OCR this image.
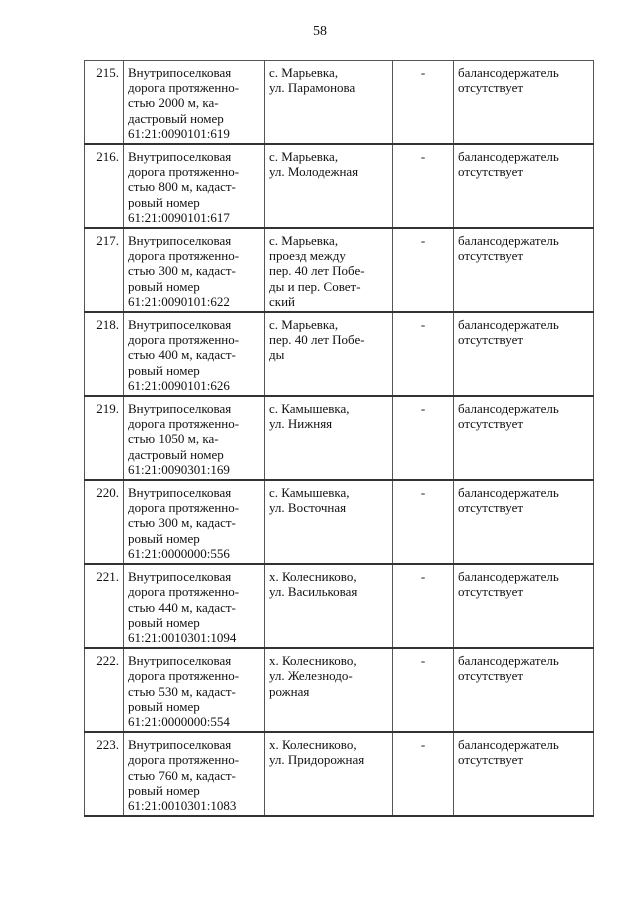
58
215.	Внутрипоселковая
дорога протяженно-
стью 2000 м, ка-
дастровый номер
61:21:0090101:619	с. Марьевка,
ул. Парамонова	-	балансодержатель отсутствует
216.	Внутрипоселковая
дорога протяженно-
стью 800 м, кадаст-
ровый номер
61:21:0090101:617	с. Марьевка,
ул. Молодежная	-	балансодержатель отсутствует
217.	Внутрипоселковая
дорога протяженно-
стью 300 м, кадаст-
ровый номер
61:21:0090101:622	с. Марьевка,
проезд между
пер. 40 лет Побе-
ды и пер. Совет-
ский	-	балансодержатель отсутствует
218.	Внутрипоселковая
дорога протяженно-
стью 400 м, кадаст-
ровый номер
61:21:0090101:626	с. Марьевка,
пер. 40 лет Побе-
ды	-	балансодержатель отсутствует
219.	Внутрипоселковая
дорога протяженно-
стью 1050 м, ка-
дастровый номер
61:21:0090301:169	с. Камышевка,
ул. Нижняя	-	балансодержатель отсутствует
220.	Внутрипоселковая
дорога протяженно-
стью 300 м, кадаст-
ровый номер
61:21:0000000:556	с. Камышевка,
ул. Восточная	-	балансодержатель отсутствует
221.	Внутрипоселковая
дорога протяженно-
стью 440 м, кадаст-
ровый номер
61:21:0010301:1094	х. Колесниково,
ул. Васильковая	-	балансодержатель отсутствует
222.	Внутрипоселковая
дорога протяженно-
стью 530 м, кадаст-
ровый номер
61:21:0000000:554	х. Колесниково,
ул. Железнодо-
рожная	-	балансодержатель отсутствует
223.	Внутрипоселковая
дорога протяженно-
стью 760 м, кадаст-
ровый номер
61:21:0010301:1083	х. Колесниково,
ул. Придорожная	-	балансодержатель отсутствует
